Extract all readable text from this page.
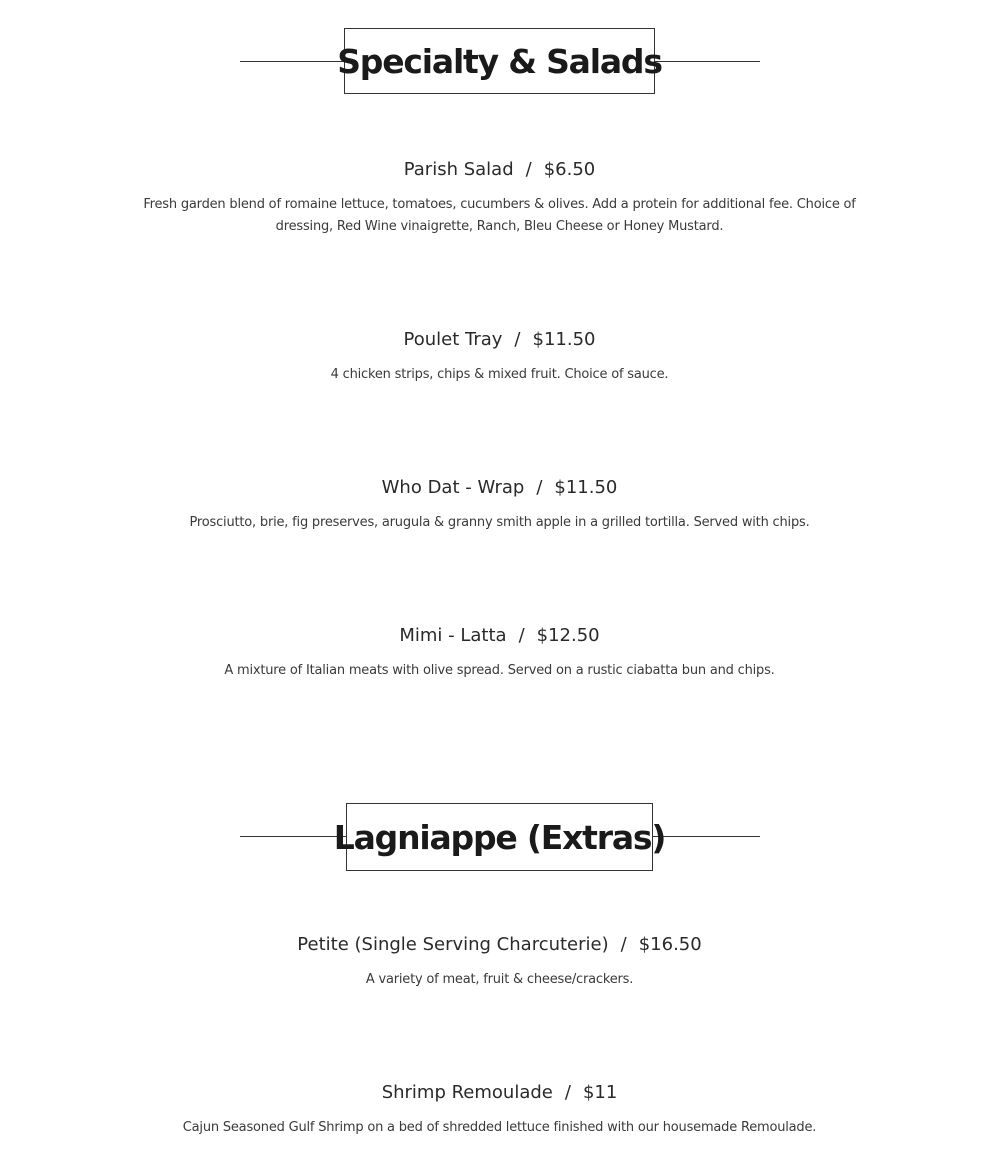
Specialty & Salads
Parish Salad / $6.50
Fresh garden blend of romaine lettuce, tomatoes, cucumbers & olives. Add a protein for additional fee. Choice of dressing, Red Wine vinaigrette, Ranch, Bleu Cheese or Honey Mustard.
Poulet Tray / $11.50
4 chicken strips, chips & mixed fruit. Choice of sauce.
Who Dat - Wrap / $11.50
Prosciutto, brie, fig preserves, arugula & granny smith apple in a grilled tortilla. Served with chips.
Mimi - Latta / $12.50
A mixture of Italian meats with olive spread. Served on a rustic ciabatta bun and chips.
Lagniappe (Extras)
Petite (Single Serving Charcuterie) / $16.50
A variety of meat, fruit & cheese/crackers.
Shrimp Remoulade / $11
Cajun Seasoned Gulf Shrimp on a bed of shredded lettuce finished with our housemade Remoulade.
